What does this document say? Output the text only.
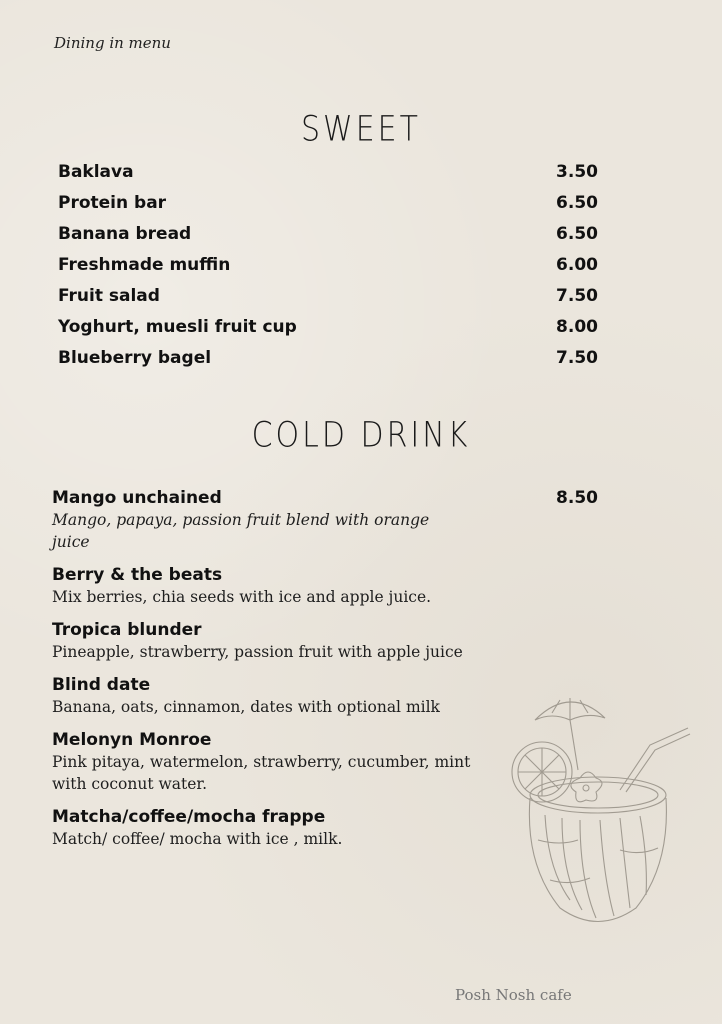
Dining in menu
SWEET
Baklava	3.50
Protein bar	6.50
Banana bread	6.50
Freshmade muffin	6.00
Fruit salad	7.50
Yoghurt, muesli fruit cup	8.00
Blueberry bagel	7.50
COLD DRINK
Mango unchained	8.50
Mango, papaya, passion fruit blend with orange juice
Berry & the beats
Mix berries, chia seeds with ice and apple juice.
Tropica blunder
Pineapple, strawberry, passion fruit with apple juice
Blind date
Banana, oats, cinnamon, dates with optional milk
Melonyn Monroe
Pink pitaya, watermelon, strawberry, cucumber, mint with coconut water.
Matcha/coffee/mocha frappe
Match/ coffee/ mocha with ice , milk.
Posh Nosh cafe
